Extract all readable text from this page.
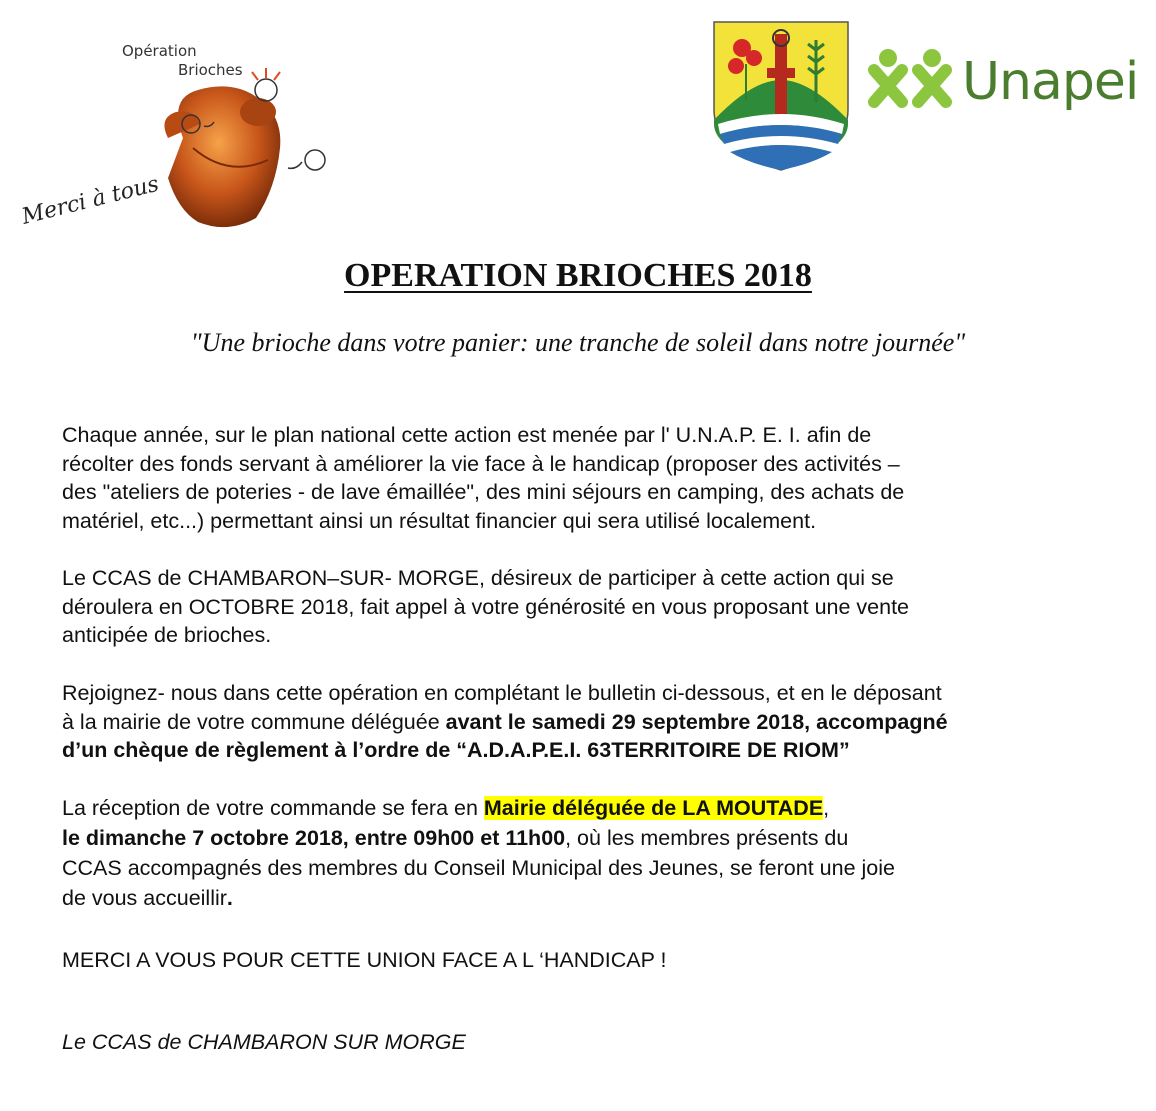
Opération
Brioches
Merci à tous
Unapei
OPERATION BRIOCHES 2018
"Une brioche dans votre panier: une tranche de soleil dans notre journée"
Chaque année, sur le plan national cette action est menée par l' U.N.A.P. E. I. afin de
récolter des fonds servant à améliorer la vie face à le handicap (proposer des activités –
des "ateliers de poteries - de lave émaillée", des mini séjours en camping, des achats de
matériel, etc...) permettant ainsi un résultat financier qui sera utilisé localement.
Le CCAS de CHAMBARON–SUR- MORGE, désireux de participer à cette action qui se
déroulera en OCTOBRE 2018, fait appel à votre générosité en vous proposant une vente
anticipée de brioches.
Rejoignez- nous dans cette opération en complétant le bulletin ci-dessous, et en le déposant
à la mairie de votre commune déléguée avant le samedi 29 septembre 2018, accompagné
d’un chèque de règlement à l’ordre de “A.D.A.P.E.I. 63TERRITOIRE DE RIOM”
La réception de votre commande se fera en Mairie déléguée de LA MOUTADE,
le dimanche 7 octobre 2018, entre 09h00 et 11h00, où les membres présents du
CCAS accompagnés des membres du Conseil Municipal des Jeunes, se feront une joie
de vous accueillir.
MERCI A VOUS POUR CETTE UNION FACE A L ‘HANDICAP !
Le CCAS de CHAMBARON SUR MORGE
